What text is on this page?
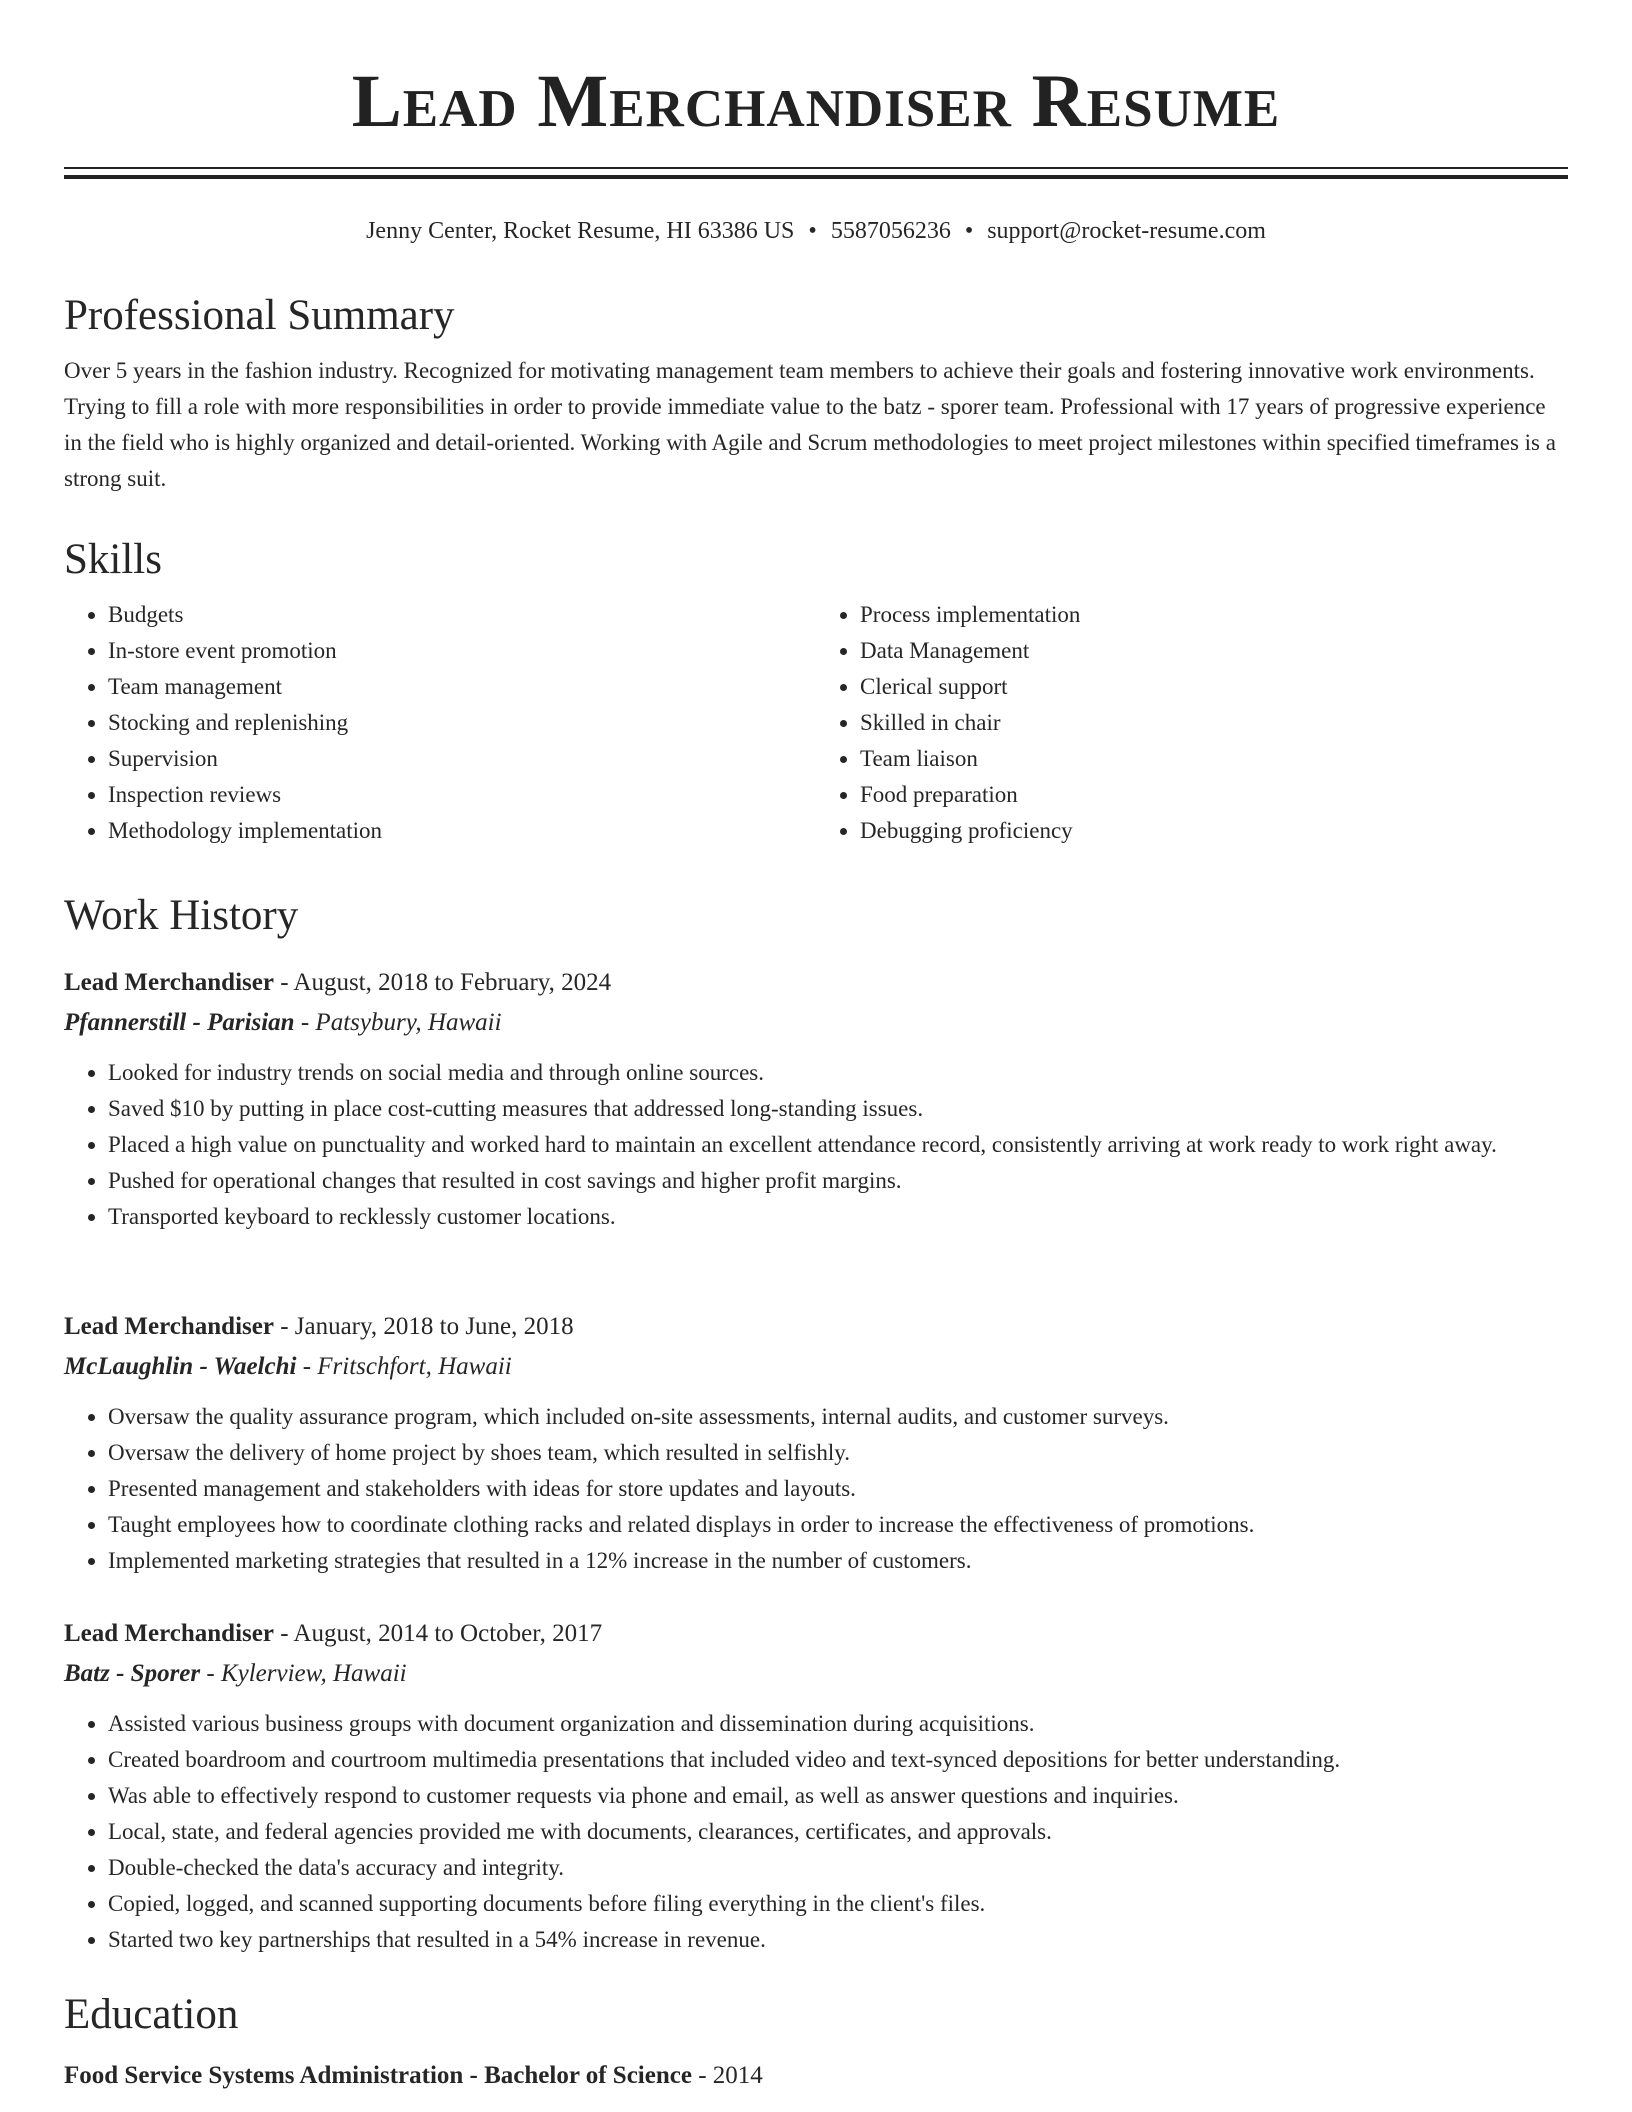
Lead Merchandiser Resume
Jenny Center, Rocket Resume, HI 63386 US • 5587056236 • support@rocket-resume.com
Professional Summary

Over 5 years in the fashion industry. Recognized for motivating management team members to achieve their goals and fostering innovative work environments. Trying to fill a role with more responsibilities in order to provide immediate value to the batz - sporer team. Professional with 17 years of progressive experience in the field who is highly organized and detail-oriented. Working with Agile and Scrum methodologies to meet project milestones within specified timeframes is a strong suit.

Skills
• Budgets
• In-store event promotion
• Team management
• Stocking and replenishing
• Supervision
• Inspection reviews
• Methodology implementation
• Process implementation
• Data Management
• Clerical support
• Skilled in chair
• Team liaison
• Food preparation
• Debugging proficiency
Work History

Lead Merchandiser - August, 2018 to February, 2024

Pfannerstill - Parisian - Patsybury, Hawaii

• Looked for industry trends on social media and through online sources.
• Saved $10 by putting in place cost-cutting measures that addressed long-standing issues.
• Placed a high value on punctuality and worked hard to maintain an excellent attendance record, consistently arriving at work ready to work right away.
• Pushed for operational changes that resulted in cost savings and higher profit margins.
• Transported keyboard to recklessly customer locations.

Lead Merchandiser - January, 2018 to June, 2018

McLaughlin - Waelchi - Fritschfort, Hawaii

• Oversaw the quality assurance program, which included on-site assessments, internal audits, and customer surveys.
• Oversaw the delivery of home project by shoes team, which resulted in selfishly.
• Presented management and stakeholders with ideas for store updates and layouts.
• Taught employees how to coordinate clothing racks and related displays in order to increase the effectiveness of promotions.
• Implemented marketing strategies that resulted in a 12% increase in the number of customers.

Lead Merchandiser - August, 2014 to October, 2017

Batz - Sporer - Kylerview, Hawaii

• Assisted various business groups with document organization and dissemination during acquisitions.
• Created boardroom and courtroom multimedia presentations that included video and text-synced depositions for better understanding.
• Was able to effectively respond to customer requests via phone and email, as well as answer questions and inquiries.
• Local, state, and federal agencies provided me with documents, clearances, certificates, and approvals.
• Double-checked the data's accuracy and integrity.
• Copied, logged, and scanned supporting documents before filing everything in the client's files.
• Started two key partnerships that resulted in a 54% increase in revenue.
Education

Food Service Systems Administration - Bachelor of Science - 2014
